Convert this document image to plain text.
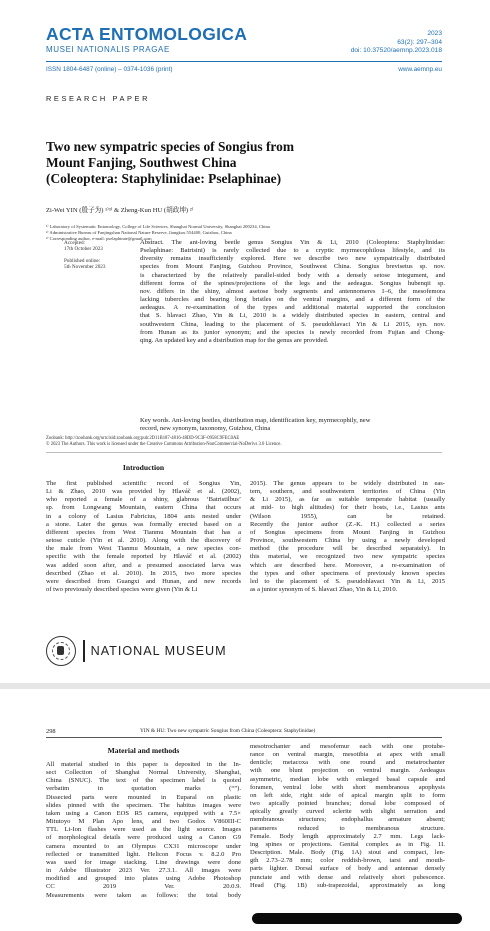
ACTA ENTOMOLOGICA
MUSEI NATIONALIS PRAGAE
2023
63(2): 297–304
doi: 10.37520/aemnp.2023.018
ISSN 1804-6487 (online) – 0374-1036 (print)	www.aemnp.eu
RESEARCH PAPER
Two new sympatric species of Songius from
Mount Fanjing, Southwest China
(Coleoptera: Staphylinidae: Pselaphinae)
Zi-Wei YIN (殷子为) ¹⁾³⁾ & Zheng-Kun HU (胡政坤) ²⁾
¹⁾ Laboratory of Systematic Entomology, College of Life Sciences, Shanghai Normal University, Shanghai 200234, China
²⁾ Administrative Bureau of Fanjingshan National Nature Reserve, Jiangkou 554400, Guizhou, China
³⁾ Corresponding author, e-mail: pselaphinae@gmail.com
Accepted:
17th October 2023
Published online:
5th November 2023
Abstract. The ant-loving beetle genus Songius Yin & Li, 2010 (Coleoptera: Staphylinidae:
Pselaphinae: Batrisini) is rarely collected due to a cryptic myrmecophilous lifestyle, and its
diversity remains insufficiently explored. Here we describe two new sympatrically distributed
species from Mount Fanjing, Guizhou Province, Southwest China. Songius brevisetus sp. nov.
is characterized by the relatively parallel-sided body with a densely setose integument, and
different forms of the spines/projections of the legs and the aedeagus. Songius hubenqii sp.
nov. differs in the shiny, almost asetose body segments and antennomeres 1–6, the mesofemora
lacking tubercles and bearing long bristles on the ventral margins, and a different form of the
aedeagus. A re-examination of the types and additional material supported the conclusion
that S. hlavaci Zhao, Yin & Li, 2010 is a widely distributed species in eastern, central and
southwestern China, leading to the placement of S. pseudohlavaci Yin & Li 2015, syn. nov.
from Hunan as its junior synonym; and the species is newly recorded from Fujian and Chong-
qing. An updated key and a distribution map for the genus are provided.
Key words. Ant-loving beetles, distribution map, identification key, myrmecophily, new
record, new synonym, taxonomy, Guizhou, China
Zoobank: http://zoobank.org/urn:lsid:zoobank.org:pub:2D11B187-4816-48DD-9C3F-0958C9FEC0AE
© 2023 The Authors. This work is licensed under the Creative Commons Attribution-NonCommercial-NoDerivs 3.0 Licence.
Introduction
The first published scientific record of Songius Yin,
Li & Zhao, 2010 was provided by Hlaváč et al. (2002),
who reported a female of a shiny, glabrous ‘Batristilbus’
sp. from Longwang Mountain, eastern China that occurs
in a colony of Lasius Fabricius, 1804 ants nested under
a stone. Later the genus was formally erected based on a
different species from West Tianmu Mountain that has a
setose cuticle (Yin et al. 2010). Along with the discovery of
the male from West Tianmu Mountain, a new species con-
specific with the female reported by Hlaváč et al. (2002)
was added soon after, and a presumed associated larva was
described (Zhao et al. 2010). In 2015, two more species
were described from Guangxi and Hunan, and new records
of two previously described species were given (Yin & Li
2015). The genus appears to be widely distributed in eas-
tern, southern, and southwestern territories of China (Yin
& Li 2015), as far as suitable temperate habitat (usually
at mid- to high altitudes) for their hosts, i.e., Lasius ants
(Wilson 1955), can be retained.
Recently the junior author (Z.-K. H.) collected a series
of Songius specimens from Mount Fanjing in Guizhou
Province, southwestern China by using a newly developed
method (the procedure will be described separately). In
this material, we recognized two new sympatric species
which are described here. Moreover, a re-examination of
the types and other specimens of previously known species
led to the placement of S. pseudohlavaci Yin & Li, 2015
as a junior synonym of S. hlavaci Zhao, Yin & Li, 2010.
NATIONAL MUSEUM
298	YIN & HU: Two new sympatric Songius from China (Coleoptera: Staphylinidae)
Material and methods
All material studied in this paper is deposited in the In-
sect Collection of Shanghai Normal University, Shanghai,
China (SNUC). The text of the specimen label is quoted
verbatim in quotation marks (“”).
Dissected parts were mounted in Euparal on plastic
slides pinned with the specimen. The habitus images were
taken using a Canon EOS R5 camera, equipped with a 7.5×
Mitutoyo M Plan Apo lens, and two Godox V860III-C
TTL Li-Ion flashes were used as the light source. Images
of morphological details were produced using a Canon G9
camera mounted to an Olympus CX31 microscope under
reflected or transmitted light. Helicon Focus v. 8.2.0 Pro
was used for image stacking. Line drawings were done
in Adobe Illustrator 2023 Ver. 27.3.1. All images were
modified and grouped into plates using Adobe Photoshop
CC 2019 Ver. 20.0.9.
Measurements were taken as follows: the total body
mesotrochanter and mesofemur each with one protube-
rance on ventral margin, mesotibia at apex with small
denticle; metacoxa with one round and metatrochanter
with one blunt projection on ventral margin. Aedeagus
asymmetric, median lobe with enlarged basal capsule and
foramen, ventral lobe with short membranous apophysis
on left side, right side of apical margin split to form
two apically pointed branches; dorsal lobe composed of
apically greatly curved sclerite with slight serration and
membranous structures; endophallus armature absent;
parameres reduced to membranous structure.
Female. Body length approximately 2.7 mm. Legs lack-
ing spines or projections. Genital complex as in Fig. 1I.
Description. Male. Body (Fig. 1A) stout and compact, len-
gth 2.73–2.78 mm; color reddish-brown, tarsi and mouth-
parts lighter. Dorsal surface of body and antennae densely
punctate and with dense and relatively short pubescence.
Head (Fig. 1B) sub-trapezoidal, approximately as long
